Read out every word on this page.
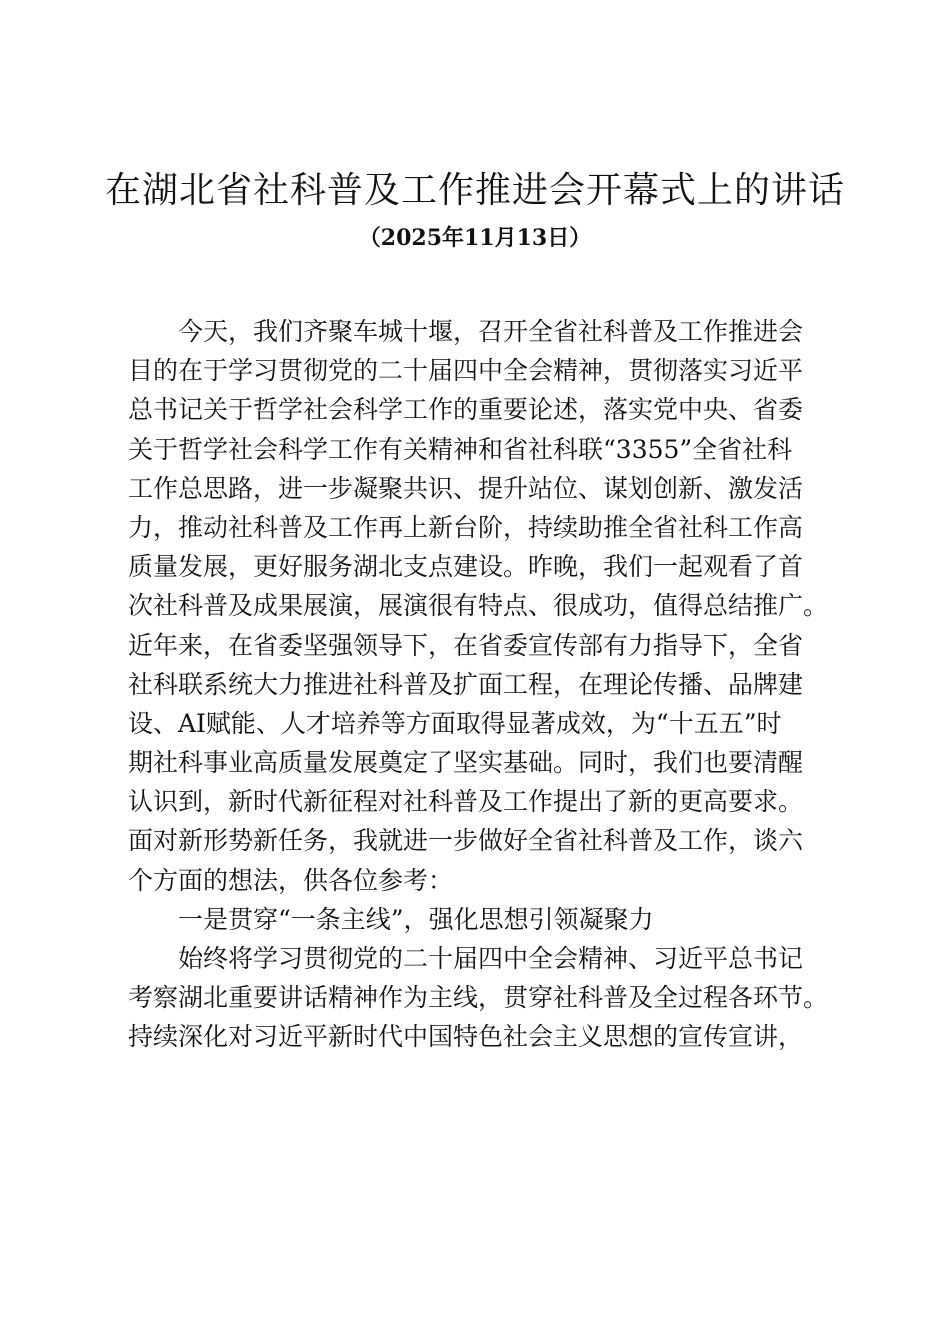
在湖北省社科普及工作推进会开幕式上的讲话
（2025年11月13日）
　　今天，我们齐聚车城十堰，召开全省社科普及工作推进会
目的在于学习贯彻党的二十届四中全会精神，贯彻落实习近平
总书记关于哲学社会科学工作的重要论述，落实党中央、省委
关于哲学社会科学工作有关精神和省社科联“3355”全省社科
工作总思路，进一步凝聚共识、提升站位、谋划创新、激发活
力，推动社科普及工作再上新台阶，持续助推全省社科工作高
质量发展，更好服务湖北支点建设。昨晚，我们一起观看了首
次社科普及成果展演，展演很有特点、很成功，值得总结推广。
近年来，在省委坚强领导下，在省委宣传部有力指导下，全省
社科联系统大力推进社科普及扩面工程，在理论传播、品牌建
设、AI赋能、人才培养等方面取得显著成效，为“十五五”时
期社科事业高质量发展奠定了坚实基础。同时，我们也要清醒
认识到，新时代新征程对社科普及工作提出了新的更高要求。
面对新形势新任务，我就进一步做好全省社科普及工作，谈六
个方面的想法，供各位参考：
　　一是贯穿“一条主线”，强化思想引领凝聚力
　　始终将学习贯彻党的二十届四中全会精神、习近平总书记
考察湖北重要讲话精神作为主线，贯穿社科普及全过程各环节。
持续深化对习近平新时代中国特色社会主义思想的宣传宣讲，
